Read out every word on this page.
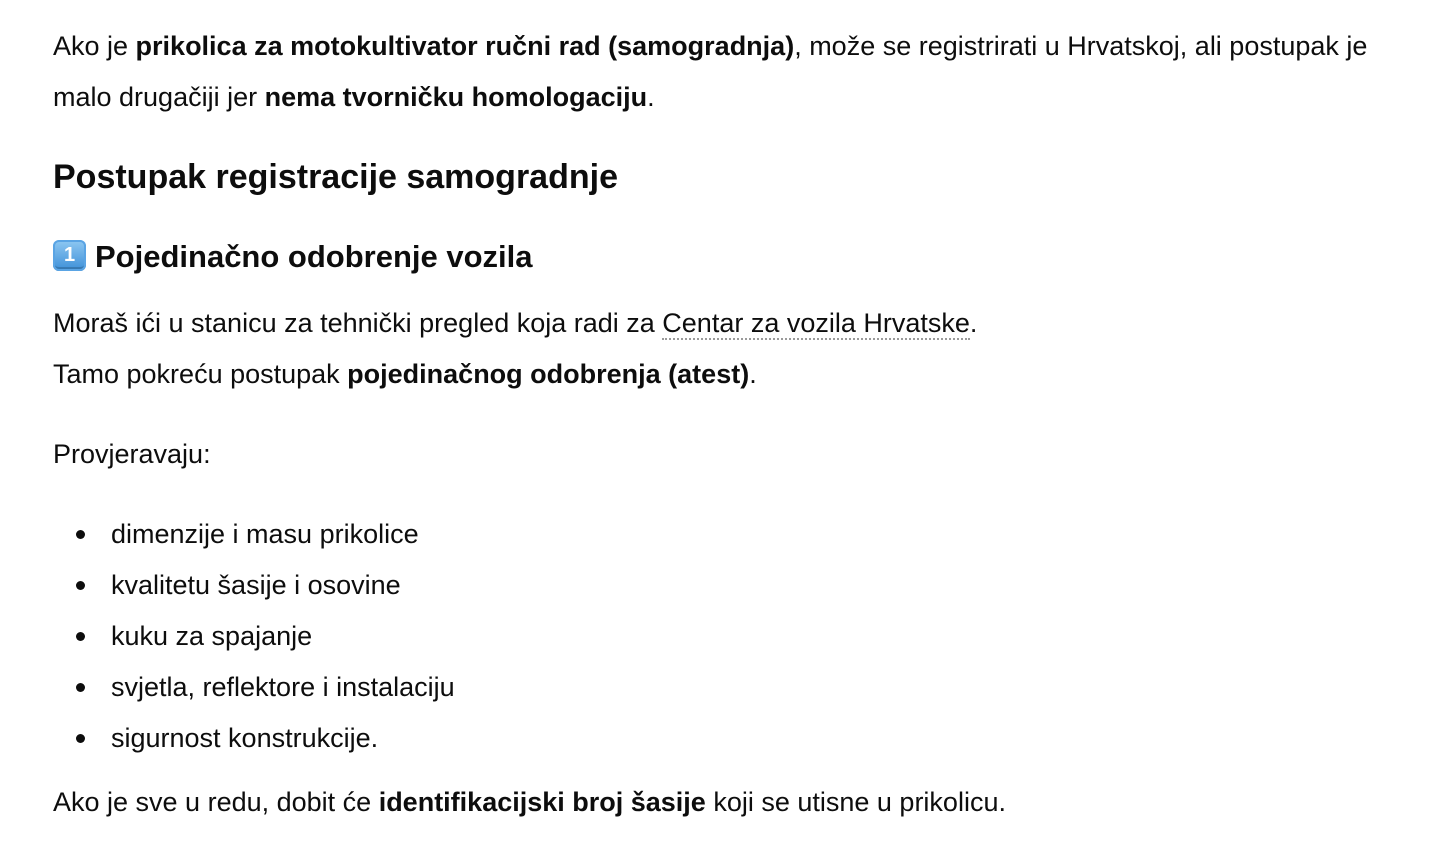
Ako je prikolica za motokultivator ručni rad (samogradnja), može se registrirati u Hrvatskoj, ali postupak je malo drugačiji jer nema tvorničku homologaciju.

Postupak registracije samogradnje
1 Pojedinačno odobrenje vozila

Moraš ići u stanicu za tehnički pregled koja radi za Centar za vozila Hrvatske.

Tamo pokreću postupak pojedinačnog odobrenja (atest).

Provjeravaju:

dimenzije i masu prikolice
kvalitetu šasije i osovine
kuku za spajanje
svjetla, reflektore i instalaciju
sigurnost konstrukcije.

Ako je sve u redu, dobit će identifikacijski broj šasije koji se utisne u prikolicu.
